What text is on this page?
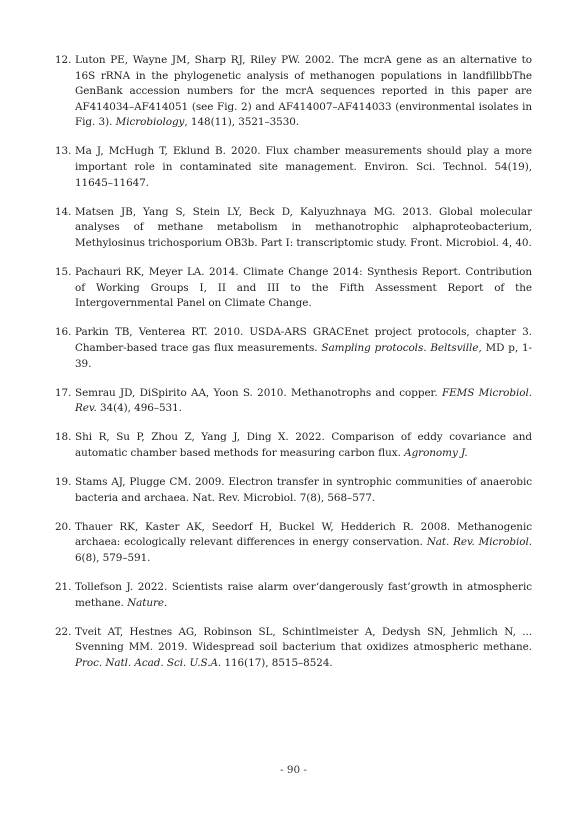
12. Luton PE, Wayne JM, Sharp RJ, Riley PW. 2002. The mcrA gene as an alternative to 16S rRNA in the phylogenetic analysis of methanogen populations in landfillbbThe GenBank accession numbers for the mcrA sequences reported in this paper are AF414034–AF414051 (see Fig. 2) and AF414007–AF414033 (environmental isolates in Fig. 3). Microbiology, 148(11), 3521–3530.
13. Ma J, McHugh T, Eklund B. 2020. Flux chamber measurements should play a more important role in contaminated site management. Environ. Sci. Technol. 54(19), 11645–11647.
14. Matsen JB, Yang S, Stein LY, Beck D, Kalyuzhnaya MG. 2013. Global molecular analyses of methane metabolism in methanotrophic alphaproteobacterium, Methylosinus trichosporium OB3b. Part I: transcriptomic study. Front. Microbiol. 4, 40.
15. Pachauri RK, Meyer LA. 2014. Climate Change 2014: Synthesis Report. Contribution of Working Groups I, II and III to the Fifth Assessment Report of the Intergovernmental Panel on Climate Change.
16. Parkin TB, Venterea RT. 2010. USDA-ARS GRACEnet project protocols, chapter 3. Chamber-based trace gas flux measurements. Sampling protocols. Beltsville, MD p, 1-39.
17. Semrau JD, DiSpirito AA, Yoon S. 2010. Methanotrophs and copper. FEMS Microbiol. Rev. 34(4), 496–531.
18. Shi R, Su P, Zhou Z, Yang J, Ding X. 2022. Comparison of eddy covariance and automatic chamber based methods for measuring carbon flux. Agronomy J.
19. Stams AJ, Plugge CM. 2009. Electron transfer in syntrophic communities of anaerobic bacteria and archaea. Nat. Rev. Microbiol. 7(8), 568–577.
20. Thauer RK, Kaster AK, Seedorf H, Buckel W, Hedderich R. 2008. Methanogenic archaea: ecologically relevant differences in energy conservation. Nat. Rev. Microbiol. 6(8), 579–591.
21. Tollefson J. 2022. Scientists raise alarm over‘dangerously fast’growth in atmospheric methane. Nature.
22. Tveit AT, Hestnes AG, Robinson SL, Schintlmeister A, Dedysh SN, Jehmlich N, ... Svenning MM. 2019. Widespread soil bacterium that oxidizes atmospheric methane. Proc. Natl. Acad. Sci. U.S.A. 116(17), 8515–8524.
- 90 -
